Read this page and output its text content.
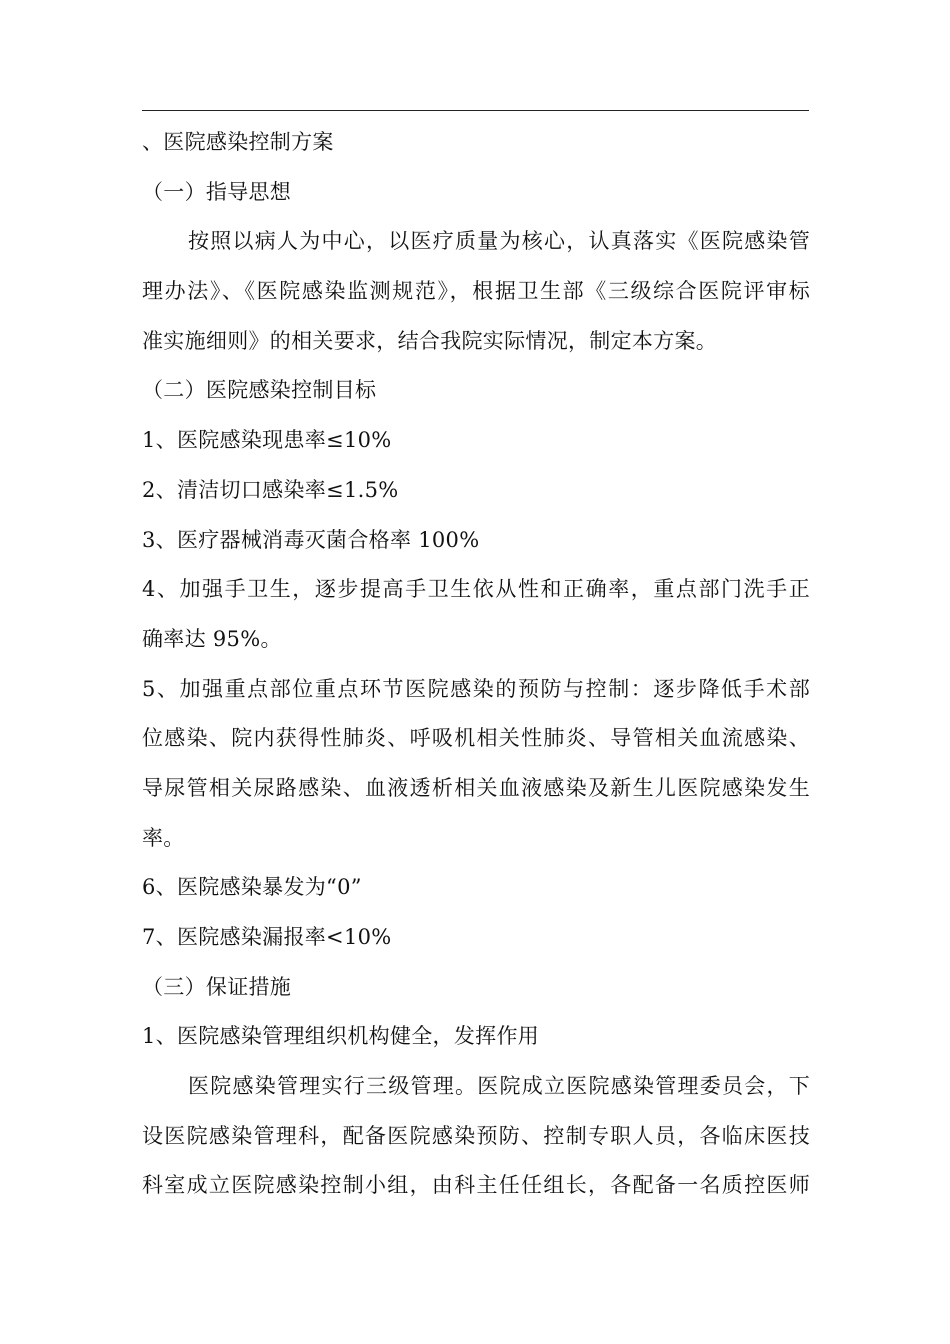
、医院感染控制方案
（一）指导思想
按照以病人为中心，以医疗质量为核心，认真落实《医院感染管
理办法》、《医院感染监测规范》，根据卫生部《三级综合医院评审标
准实施细则》的相关要求，结合我院实际情况，制定本方案。
（二）医院感染控制目标
1、医院感染现患率≤10%
2、清洁切口感染率≤1.5%
3、医疗器械消毒灭菌合格率 100%
4、加强手卫生，逐步提高手卫生依从性和正确率，重点部门洗手正
确率达 95%。
5、加强重点部位重点环节医院感染的预防与控制：逐步降低手术部
位感染、院内获得性肺炎、呼吸机相关性肺炎、导管相关血流感染、
导尿管相关尿路感染、血液透析相关血液感染及新生儿医院感染发生
率。
6、医院感染暴发为“0”
7、医院感染漏报率<10%
（三）保证措施
1、医院感染管理组织机构健全，发挥作用
医院感染管理实行三级管理。医院成立医院感染管理委员会，下
设医院感染管理科，配备医院感染预防、控制专职人员，各临床医技
科室成立医院感染控制小组，由科主任任组长，各配备一名质控医师
